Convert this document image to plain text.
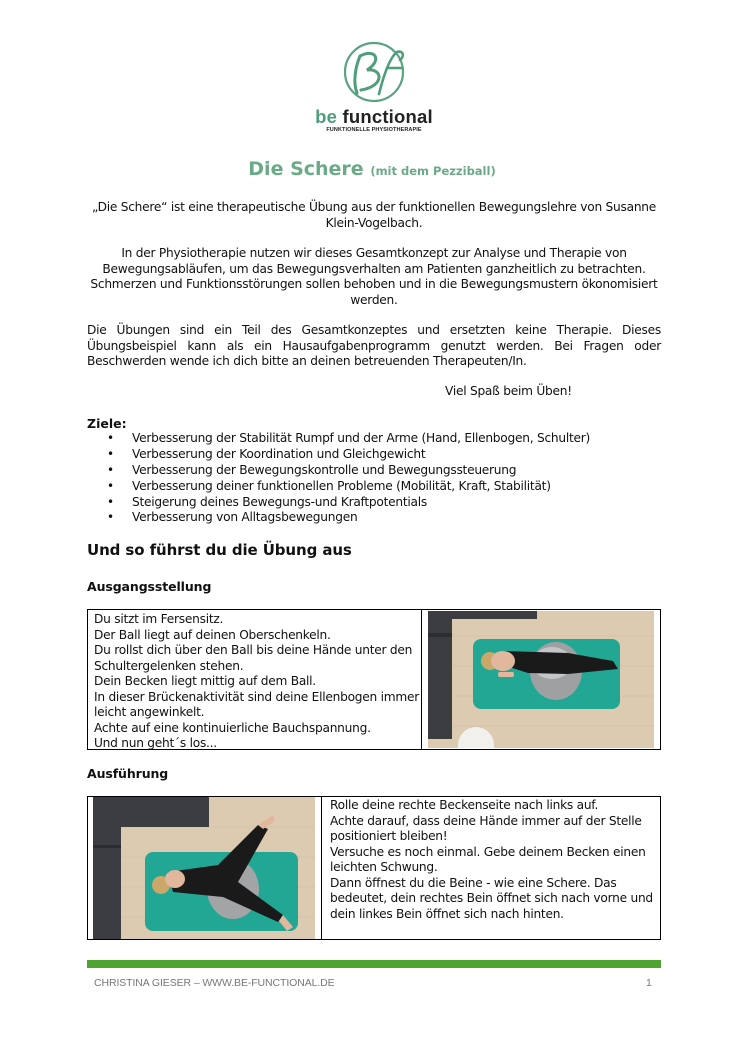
be functional
FUNKTIONELLE PHYSIOTHERAPIE
Die Schere (mit dem Pezziball)
„Die Schere“ ist eine therapeutische Übung aus der funktionellen Bewegungslehre von Susanne Klein-Vogelbach.
In der Physiotherapie nutzen wir dieses Gesamtkonzept zur Analyse und Therapie von Bewegungsabläufen, um das Bewegungsverhalten am Patienten ganzheitlich zu betrachten. Schmerzen und Funktionsstörungen sollen behoben und in die Bewegungsmustern ökonomisiert werden.
Die Übungen sind ein Teil des Gesamtkonzeptes und ersetzten keine Therapie. Dieses Übungsbeispiel kann als ein Hausaufgabenprogramm genutzt werden. Bei Fragen oder Beschwerden wende ich dich bitte an deinen betreuenden Therapeuten/In.
Viel Spaß beim Üben!
Ziele:
• Verbesserung der Stabilität Rumpf und der Arme (Hand, Ellenbogen, Schulter)
• Verbesserung der Koordination und Gleichgewicht
• Verbesserung der Bewegungskontrolle und Bewegungssteuerung
• Verbesserung deiner funktionellen Probleme (Mobilität, Kraft, Stabilität)
• Steigerung deines Bewegungs-und Kraftpotentials
• Verbesserung von Alltagsbewegungen
Und so führst du die Übung aus
Ausgangsstellung
Du sitzt im Fersensitz.
Der Ball liegt auf deinen Oberschenkeln.
Du rollst dich über den Ball bis deine Hände unter den Schultergelenken stehen.
Dein Becken liegt mittig auf dem Ball.
In dieser Brückenaktivität sind deine Ellenbogen immer leicht angewinkelt.
Achte auf eine kontinuierliche Bauchspannung.
Und nun geht´s los...
Ausführung
Rolle deine rechte Beckenseite nach links auf.
Achte darauf, dass deine Hände immer auf der Stelle positioniert bleiben!
Versuche es noch einmal. Gebe deinem Becken einen leichten Schwung.
Dann öffnest du die Beine - wie eine Schere. Das bedeutet, dein rechtes Bein öffnet sich nach vorne und dein linkes Bein öffnet sich nach hinten.
CHRISTINA GIESER – WWW.BE-FUNCTIONAL.DE	1
